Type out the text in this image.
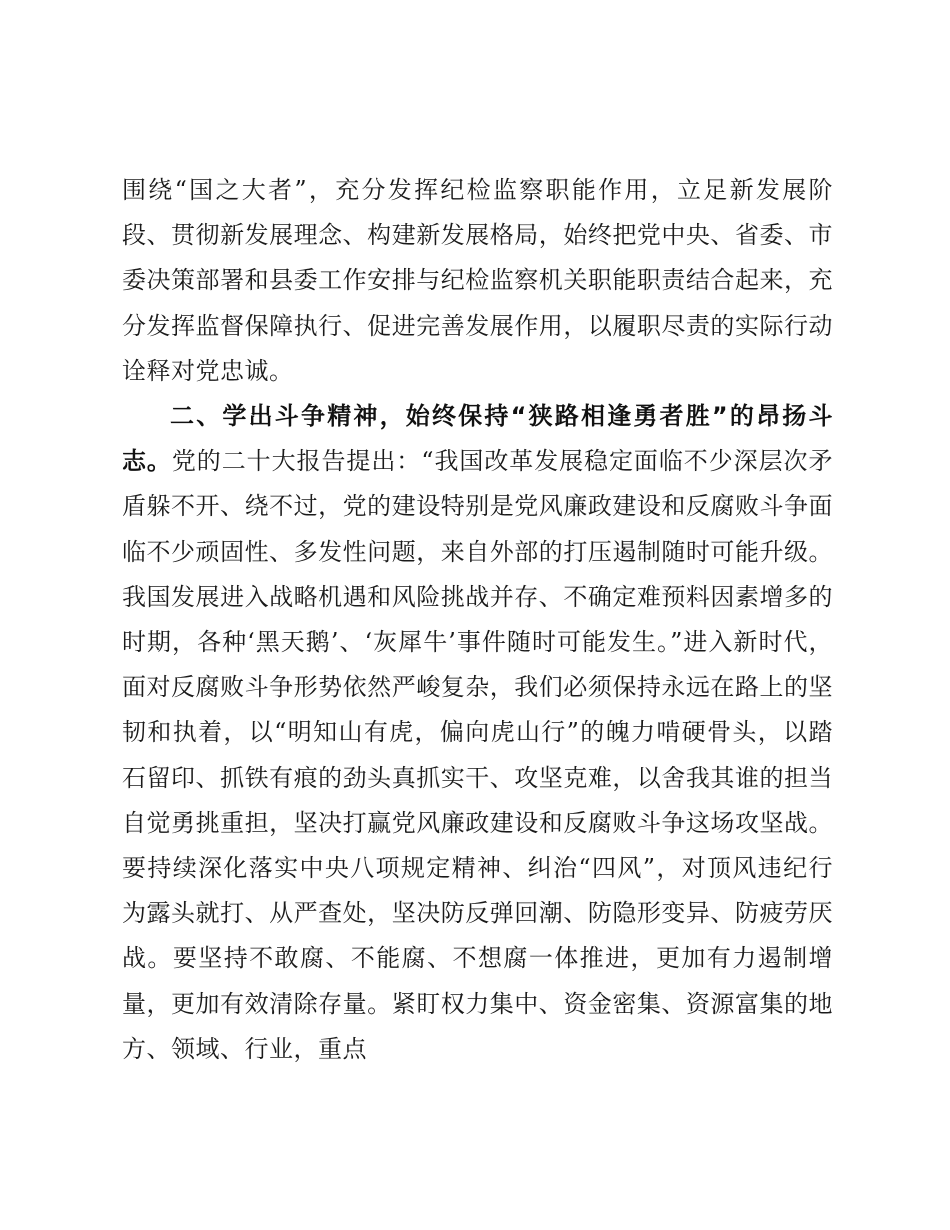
围绕“国之大者”，充分发挥纪检监察职能作用，立足新发展阶段、贯彻新发展理念、构建新发展格局，始终把党中央、省委、市委决策部署和县委工作安排与纪检监察机关职能职责结合起来，充分发挥监督保障执行、促进完善发展作用，以履职尽责的实际行动诠释对党忠诚。

二、学出斗争精神，始终保持“狭路相逢勇者胜”的昂扬斗志。党的二十大报告提出：“我国改革发展稳定面临不少深层次矛盾躲不开、绕不过，党的建设特别是党风廉政建设和反腐败斗争面临不少顽固性、多发性问题，来自外部的打压遏制随时可能升级。我国发展进入战略机遇和风险挑战并存、不确定难预料因素增多的时期，各种‘黑天鹅’、‘灰犀牛’事件随时可能发生。”进入新时代，面对反腐败斗争形势依然严峻复杂，我们必须保持永远在路上的坚韧和执着，以“明知山有虎，偏向虎山行”的魄力啃硬骨头，以踏石留印、抓铁有痕的劲头真抓实干、攻坚克难，以舍我其谁的担当自觉勇挑重担，坚决打赢党风廉政建设和反腐败斗争这场攻坚战。要持续深化落实中央八项规定精神、纠治“四风”，对顶风违纪行为露头就打、从严查处，坚决防反弹回潮、防隐形变异、防疲劳厌战。要坚持不敢腐、不能腐、不想腐一体推进，更加有力遏制增量，更加有效清除存量。紧盯权力集中、资金密集、资源富集的地方、领域、行业，重点
